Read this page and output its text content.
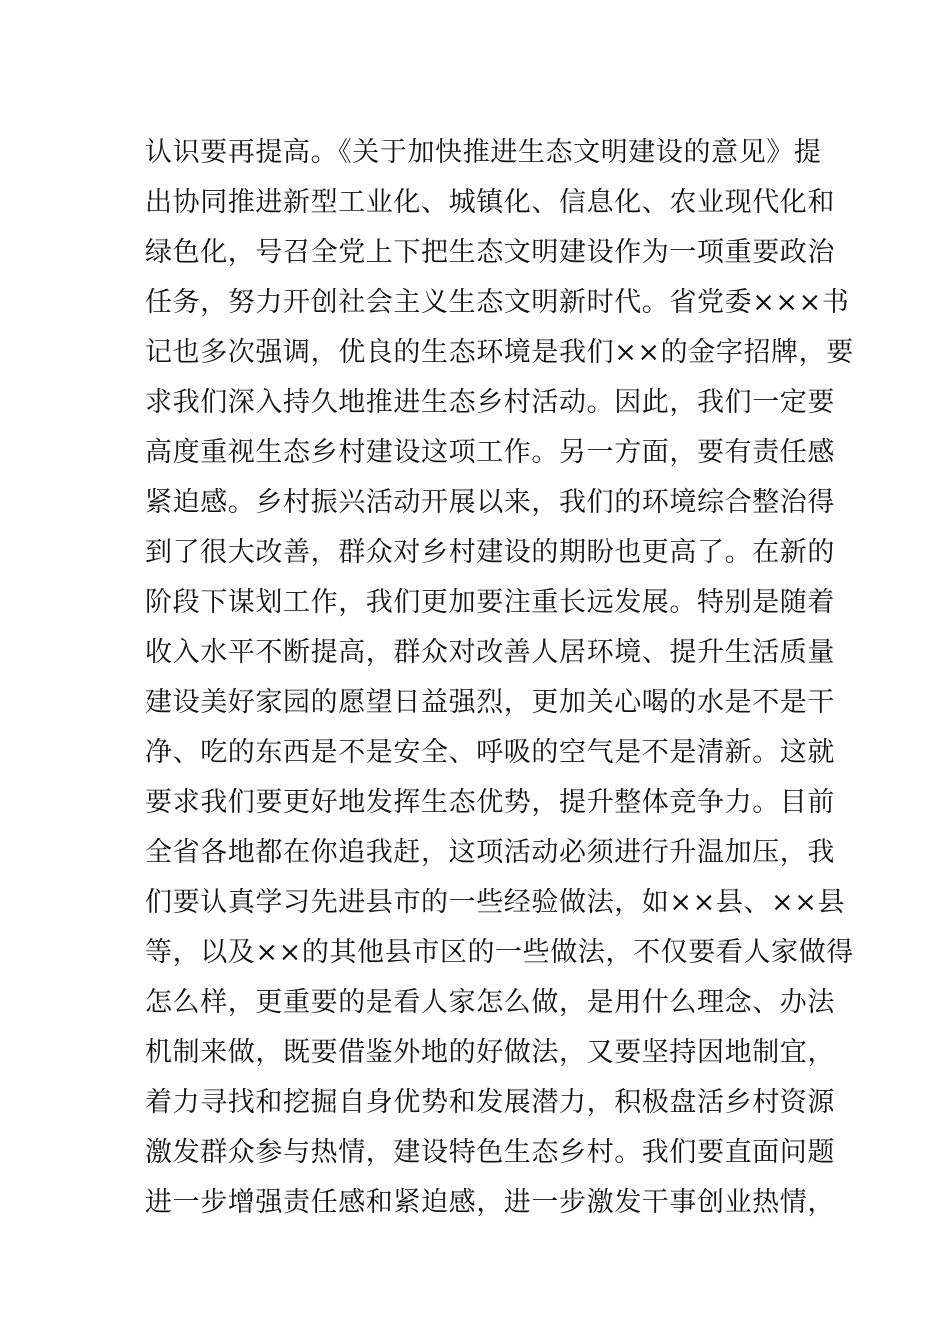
认识要再提高。《关于加快推进生态文明建设的意见》提
出协同推进新型工业化、城镇化、信息化、农业现代化和
绿色化，号召全党上下把生态文明建设作为一项重要政治
任务，努力开创社会主义生态文明新时代。省党委×××书
记也多次强调，优良的生态环境是我们××的金字招牌，要
求我们深入持久地推进生态乡村活动。因此，我们一定要
高度重视生态乡村建设这项工作。另一方面，要有责任感
紧迫感。乡村振兴活动开展以来，我们的环境综合整治得
到了很大改善，群众对乡村建设的期盼也更高了。在新的
阶段下谋划工作，我们更加要注重长远发展。特别是随着
收入水平不断提高，群众对改善人居环境、提升生活质量
建设美好家园的愿望日益强烈，更加关心喝的水是不是干
净、吃的东西是不是安全、呼吸的空气是不是清新。这就
要求我们要更好地发挥生态优势，提升整体竞争力。目前
全省各地都在你追我赶，这项活动必须进行升温加压，我
们要认真学习先进县市的一些经验做法，如××县、××县
等，以及××的其他县市区的一些做法，不仅要看人家做得
怎么样，更重要的是看人家怎么做，是用什么理念、办法
机制来做，既要借鉴外地的好做法，又要坚持因地制宜，
着力寻找和挖掘自身优势和发展潜力，积极盘活乡村资源
激发群众参与热情，建设特色生态乡村。我们要直面问题
进一步增强责任感和紧迫感，进一步激发干事创业热情，
